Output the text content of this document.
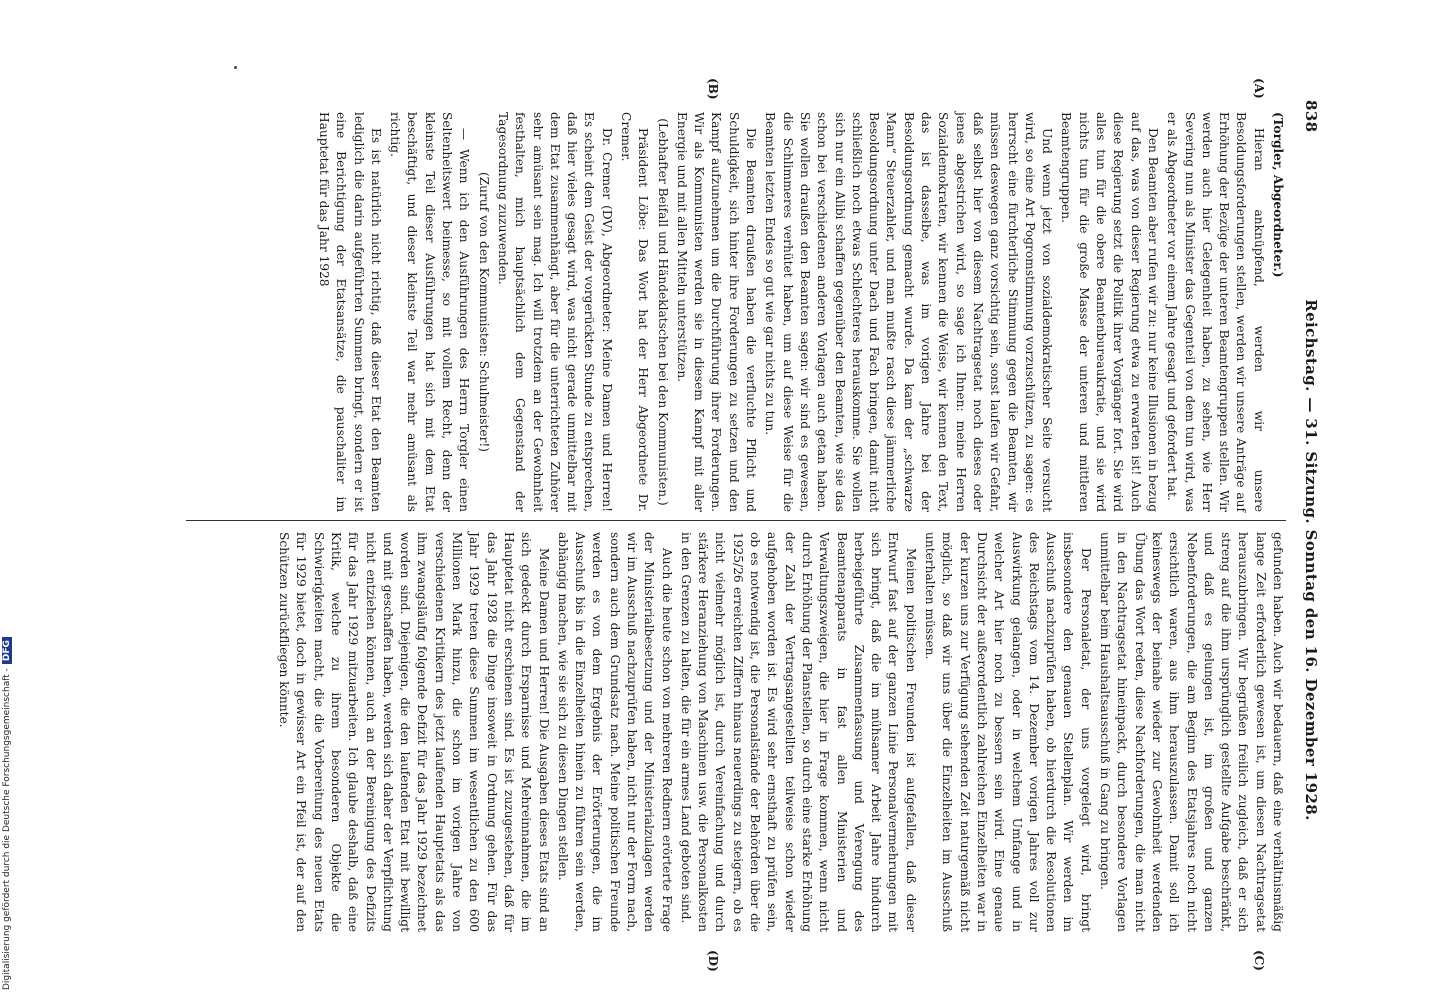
Digitalisierung gefördert durch die Deutsche Forschungsgemeinschaft -DFG
838
Reichstag. — 31. Sitzung. Sonntag den 16. Dezember 1928.
(A)
(B)
(C)
(D)

(Torgler, Abgeordneter.)

Hieran anknüpfend, werden wir unsere Besoldungsforderungen stellen, werden wir unsere Anträge auf Erhöhung der Bezüge der unteren Beamtengruppen stellen. Wir werden auch hier Gelegenheit haben, zu sehen, wie Herr Severing nun als Minister das Gegenteil von dem tun wird, was er als Abgeordneter vor einem Jahre gesagt und gefordert hat.

Den Beamten aber rufen wir zu: nur keine Illusionen in bezug auf das, was von dieser Regierung etwa zu erwarten ist! Auch diese Regierung setzt die Politik ihrer Vorgänger fort. Sie wird alles tun für die obere Beamtenbureaukratie, und sie wird nichts tun für die große Masse der unteren und mittleren Beamtengruppen.

Und wenn jetzt von sozialdemokratischer Seite versucht wird, so eine Art Pogromstimmung vorzuschützen, zu sagen: es herrscht eine fürchterliche Stimmung gegen die Beamten, wir müssen deswegen ganz vorsichtig sein, sonst laufen wir Gefahr, daß selbst hier von diesem Nachtragsetat noch dieses oder jenes abgestrichen wird, so sage ich Ihnen: meine Herren Sozialdemokraten, wir kennen die Weise, wir kennen den Text, das ist dasselbe, was im vorigen Jahre bei der Besoldungsordnung gemacht wurde. Da kam der „schwarze Mann“ Steuerzahler, und man mußte rasch diese jämmerliche Besoldungsordnung unter Dach und Fach bringen, damit nicht schließlich noch etwas Schlechteres herauskomme. Sie wollen sich nur ein Alibi schaffen gegenüber den Beamten, wie sie das schon bei verschiedenen anderen Vorlagen auch getan haben. Sie wollen draußen den Beamten sagen: wir sind es gewesen, die Schlimmeres verhütet haben, um auf diese Weise für die Beamten letzten Endes so gut wie gar nichts zu tun.

Die Beamten draußen haben die verfluchte Pflicht und Schuldigkeit, sich hinter ihre Forderungen zu setzen und den Kampf aufzunehmen um die Durchführung ihrer Forderungen. Wir als Kommunisten werden sie in diesem Kampf mit aller Energie und mit allen Mitteln unterstützen.

(Lebhafter Beifall und Händeklatschen bei den Kommunisten.)

Präsident Löbe: Das Wort hat der Herr Abgeordnete Dr. Cremer.

Dr. Cremer (DV), Abgeordneter: Meine Damen und Herren! Es scheint dem Geist der vorgerückten Stunde zu entsprechen, daß hier vieles gesagt wird, was nicht gerade unmittelbar mit dem Etat zusammenhängt, aber für die unterrichteten Zuhörer sehr amüsant sein mag. Ich will trotzdem an der Gewohnheit festhalten, mich hauptsächlich dem Gegenstand der Tagesordnung zuzuwenden.

(Zuruf von den Kommunisten: Schulmeister!)

— Wenn ich den Ausführungen des Herrn Torgler einen Seltenheitswert beimesse, so mit vollem Recht, denn der kleinste Teil dieser Ausführungen hat sich mit dem Etat beschäftigt, und dieser kleinste Teil war mehr amüsant als richtig.

Es ist natürlich nicht richtig, daß dieser Etat den Beamten lediglich die darin aufgeführten Summen bringt, sondern er ist eine Berichtigung der Etatsansätze, die pauschaliter im Hauptetat für das Jahr 1928

gefunden haben. Auch wir bedauern, daß eine verhältnismäßig lange Zeit erforderlich gewesen ist, um diesen Nachtragsetat herauszubringen. Wir begrüßen freilich zugleich, daß er sich streng auf die ihm ursprünglich gestellte Aufgabe beschränkt, und daß es gelungen ist, im großen und ganzen Nebenforderungen, die am Beginn des Etatsjahres noch nicht ersichtlich waren, aus ihm herauszulassen. Damit soll ich keineswegs der beinahe wieder zur Gewohnheit werdenden Übung das Wort reden, diese Nachforderungen, die man nicht in den Nachtragsetat hineinpackt, durch besondere Vorlagen unmittelbar beim Haushaltsausschuß in Gang zu bringen.

Der Personaletat, der uns vorgelegt wird, bringt insbesondere den genauen Stellenplan. Wir werden im Ausschuß nachzuprüfen haben, ob hierdurch die Resolutionen des Reichstags vom 14. Dezember vorigen Jahres voll zur Auswirkung gelangen, oder in welchem Umfange und in welcher Art hier noch zu bessern sein wird. Eine genaue Durchsicht der außerordentlich zahlreichen Einzelheiten war in der kurzen uns zur Verfügung stehenden Zeit naturgemäß nicht möglich, so daß wir uns über die Einzelheiten im Ausschuß unterhalten müssen.

Meinen politischen Freunden ist aufgefallen, daß dieser Entwurf fast auf der ganzen Linie Personalvermehrungen mit sich bringt, daß die im mühsamer Arbeit Jahre hindurch herbeigeführte Zusammenfassung und Verengung des Beamtenapparats in fast allen Ministerien und Verwaltungszweigen, die hier in Frage kommen, wenn nicht durch Erhöhung der Planstellen, so durch eine starke Erhöhung der Zahl der Vertragsangestellten teilweise schon wieder aufgehoben worden ist. Es wird sehr ernsthaft zu prüfen sein, ob es notwendig ist, die Personalstände der Behörden über die 1925/26 erreichten Ziffern hinaus neuerdings zu steigern, ob es nicht vielmehr möglich ist, durch Vereinfachung und durch stärkere Heranziehung von Maschinen usw. die Personalkosten in den Grenzen zu halten, die für ein armes Land geboten sind.

Auch die heute schon von mehreren Rednern erörterte Frage der Ministerialbesetzung und der Ministerialzulagen werden wir im Ausschuß nachzuprüfen haben, nicht nur der Form nach, sondern auch dem Grundsatz nach. Meine politischen Freunde werden es von dem Ergebnis der Erörterungen, die im Ausschuß bis in die Einzelheiten hinein zu führen sein werden, abhängig machen, wie sie sich zu diesen Dingen stellen.

Meine Damen und Herren! Die Ausgaben dieses Etats sind an sich gedeckt durch Ersparnisse und Mehreinnahmen, die im Hauptetat nicht erschienen sind. Es ist zuzugestehen, daß für das Jahr 1928 die Dinge insoweit in Ordnung gehen. Für das Jahr 1929 treten diese Summen im wesentlichen zu den 600 Millionen Mark hinzu, die schon im vorigen Jahre von verschiedenen Kritikern des jetzt laufenden Hauptetats als das ihm zwangsläufig folgende Defizit für das Jahr 1929 bezeichnet worden sind. Diejenigen, die den laufenden Etat mit bewilligt und mit geschaffen haben, werden sich daher der Verpflichtung nicht entziehen können, auch an der Bereinigung des Defizits für das Jahr 1929 mitzuarbeiten. Ich glaube deshalb, daß eine Kritik, welche zu ihrem besonderen Objekte die Schwierigkeiten macht, die die Vorbereitung des neuen Etats für 1929 bietet, doch in gewisser Art ein Pfeil ist, der auf den Schützen zurückfliegen könnte.
